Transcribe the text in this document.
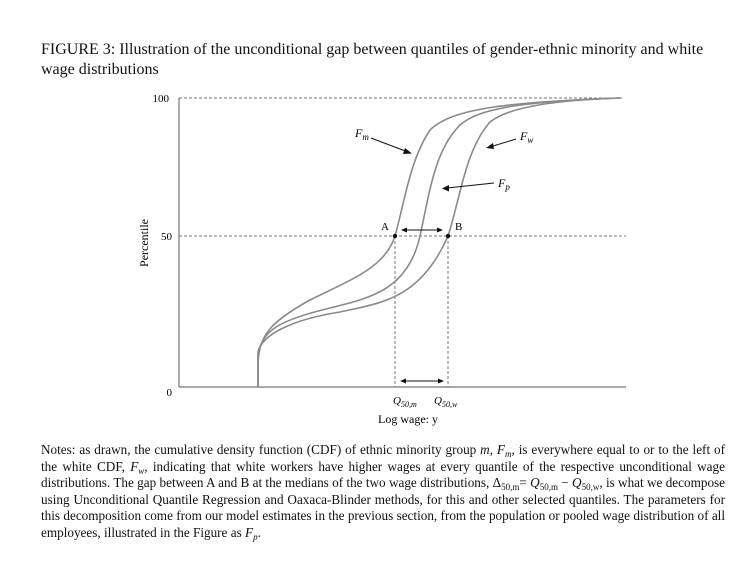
FIGURE 3: Illustration of the unconditional gap between quantiles of gender-ethnic minority and white wage distributions
100
50
0
Percentile
$Q_{50,m}$ $Q_{50,w}$
Log wage: y
$F_m$	$F_w$
$F_p$
A	B

Notes: as drawn, the cumulative density function (CDF) of ethnic minority group m, $F_m$, is everywhere equal to or to the left of the white CDF, $F_w$, indicating that white workers have higher wages at every quantile of the respective unconditional wage distributions. The gap between A and B at the medians of the two wage distributions, $\Delta_{50,m}= Q_{50,m} - Q_{50,w}$, is what we decompose using Unconditional Quantile Regression and Oaxaca-Blinder methods, for this and other selected quantiles. The parameters for this decomposition come from our model estimates in the previous section, from the population or pooled wage distribution of all employees, illustrated in the Figure as $F_p$.
